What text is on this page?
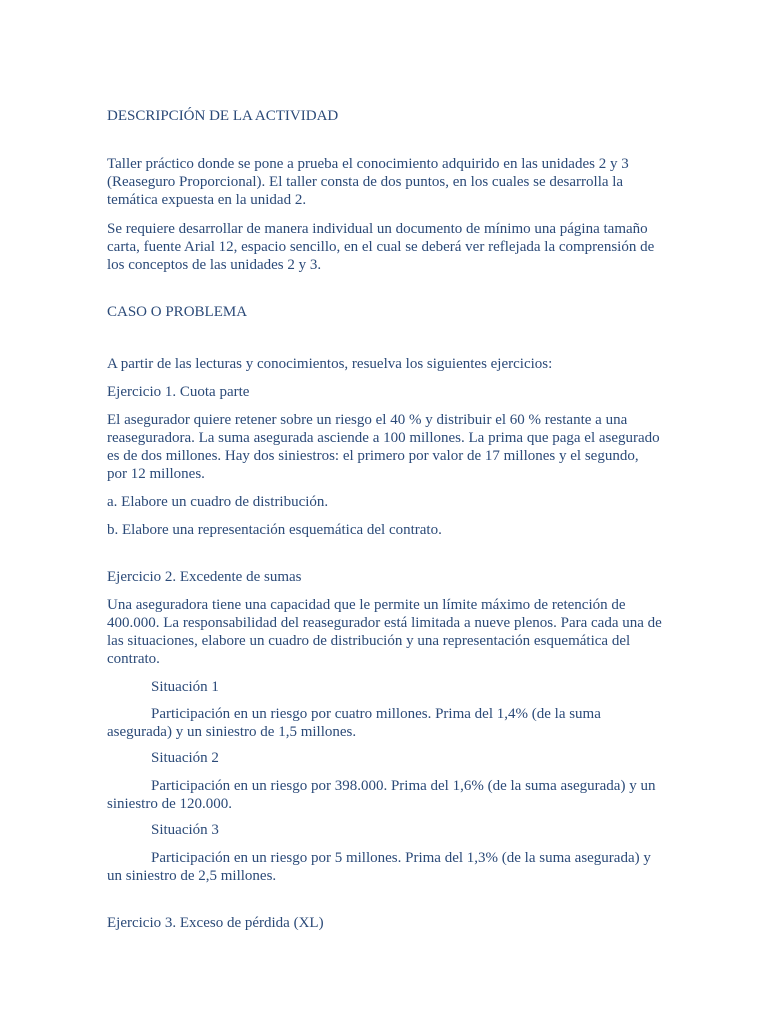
DESCRIPCIÓN DE LA ACTIVIDAD

Taller práctico donde se pone a prueba el conocimiento adquirido en las unidades 2 y 3 (Reaseguro Proporcional). El taller consta de dos puntos, en los cuales se desarrolla la temática expuesta en la unidad 2.

Se requiere desarrollar de manera individual un documento de mínimo una página tamaño carta, fuente Arial 12, espacio sencillo, en el cual se deberá ver reflejada la comprensión de los conceptos de las unidades 2 y 3.

CASO O PROBLEMA

A partir de las lecturas y conocimientos, resuelva los siguientes ejercicios:

Ejercicio 1. Cuota parte

El asegurador quiere retener sobre un riesgo el 40 % y distribuir el 60 % restante a una reaseguradora. La suma asegurada asciende a 100 millones. La prima que paga el asegurado es de dos millones. Hay dos siniestros: el primero por valor de 17 millones y el segundo, por 12 millones.

a. Elabore un cuadro de distribución.

b. Elabore una representación esquemática del contrato.

Ejercicio 2. Excedente de sumas

Una aseguradora tiene una capacidad que le permite un límite máximo de retención de 400.000. La responsabilidad del reasegurador está limitada a nueve plenos. Para cada una de las situaciones, elabore un cuadro de distribución y una representación esquemática del contrato.

Situación 1

Participación en un riesgo por cuatro millones. Prima del 1,4% (de la suma asegurada) y un siniestro de 1,5 millones.

Situación 2

Participación en un riesgo por 398.000. Prima del 1,6% (de la suma asegurada) y un siniestro de 120.000.

Situación 3

Participación en un riesgo por 5 millones. Prima del 1,3% (de la suma asegurada) y un siniestro de 2,5 millones.

Ejercicio 3. Exceso de pérdida (XL)
